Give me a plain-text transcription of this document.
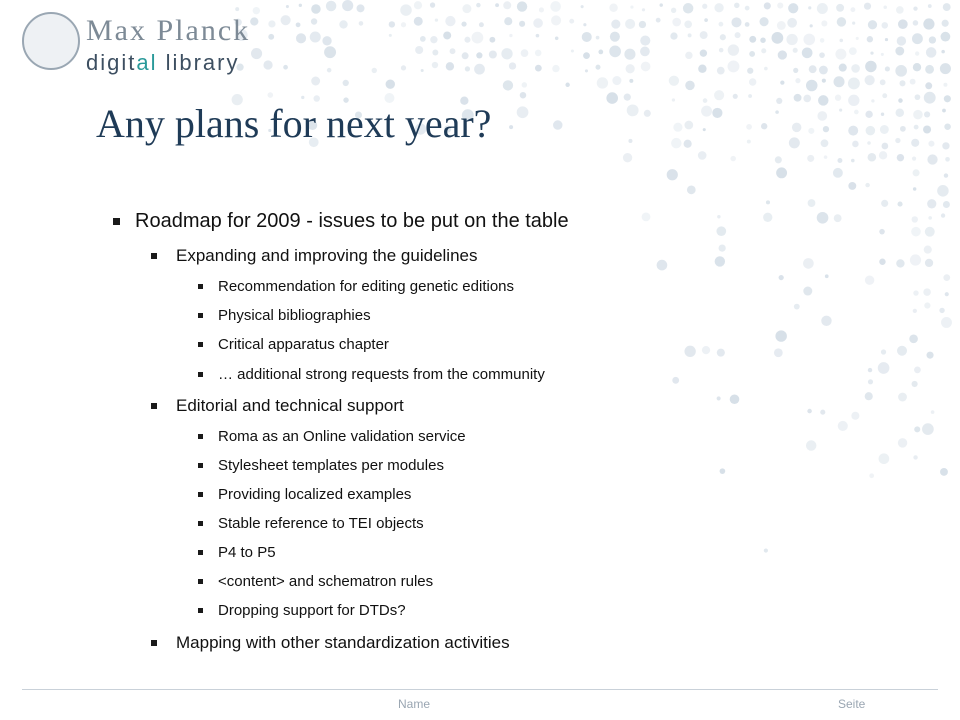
Max Planck
digital library
Any plans for next year?
Roadmap for 2009 - issues to be put on the table
Expanding and improving the guidelines
Recommendation for editing genetic editions
Physical bibliographies
Critical apparatus chapter
… additional strong requests from the community
Editorial and technical support
Roma as an Online validation service
Stylesheet templates per modules
Providing localized examples
Stable reference to TEI objects
P4 to P5
<content> and schematron rules
Dropping support for DTDs?
Mapping with other standardization activities
Name	Seite
